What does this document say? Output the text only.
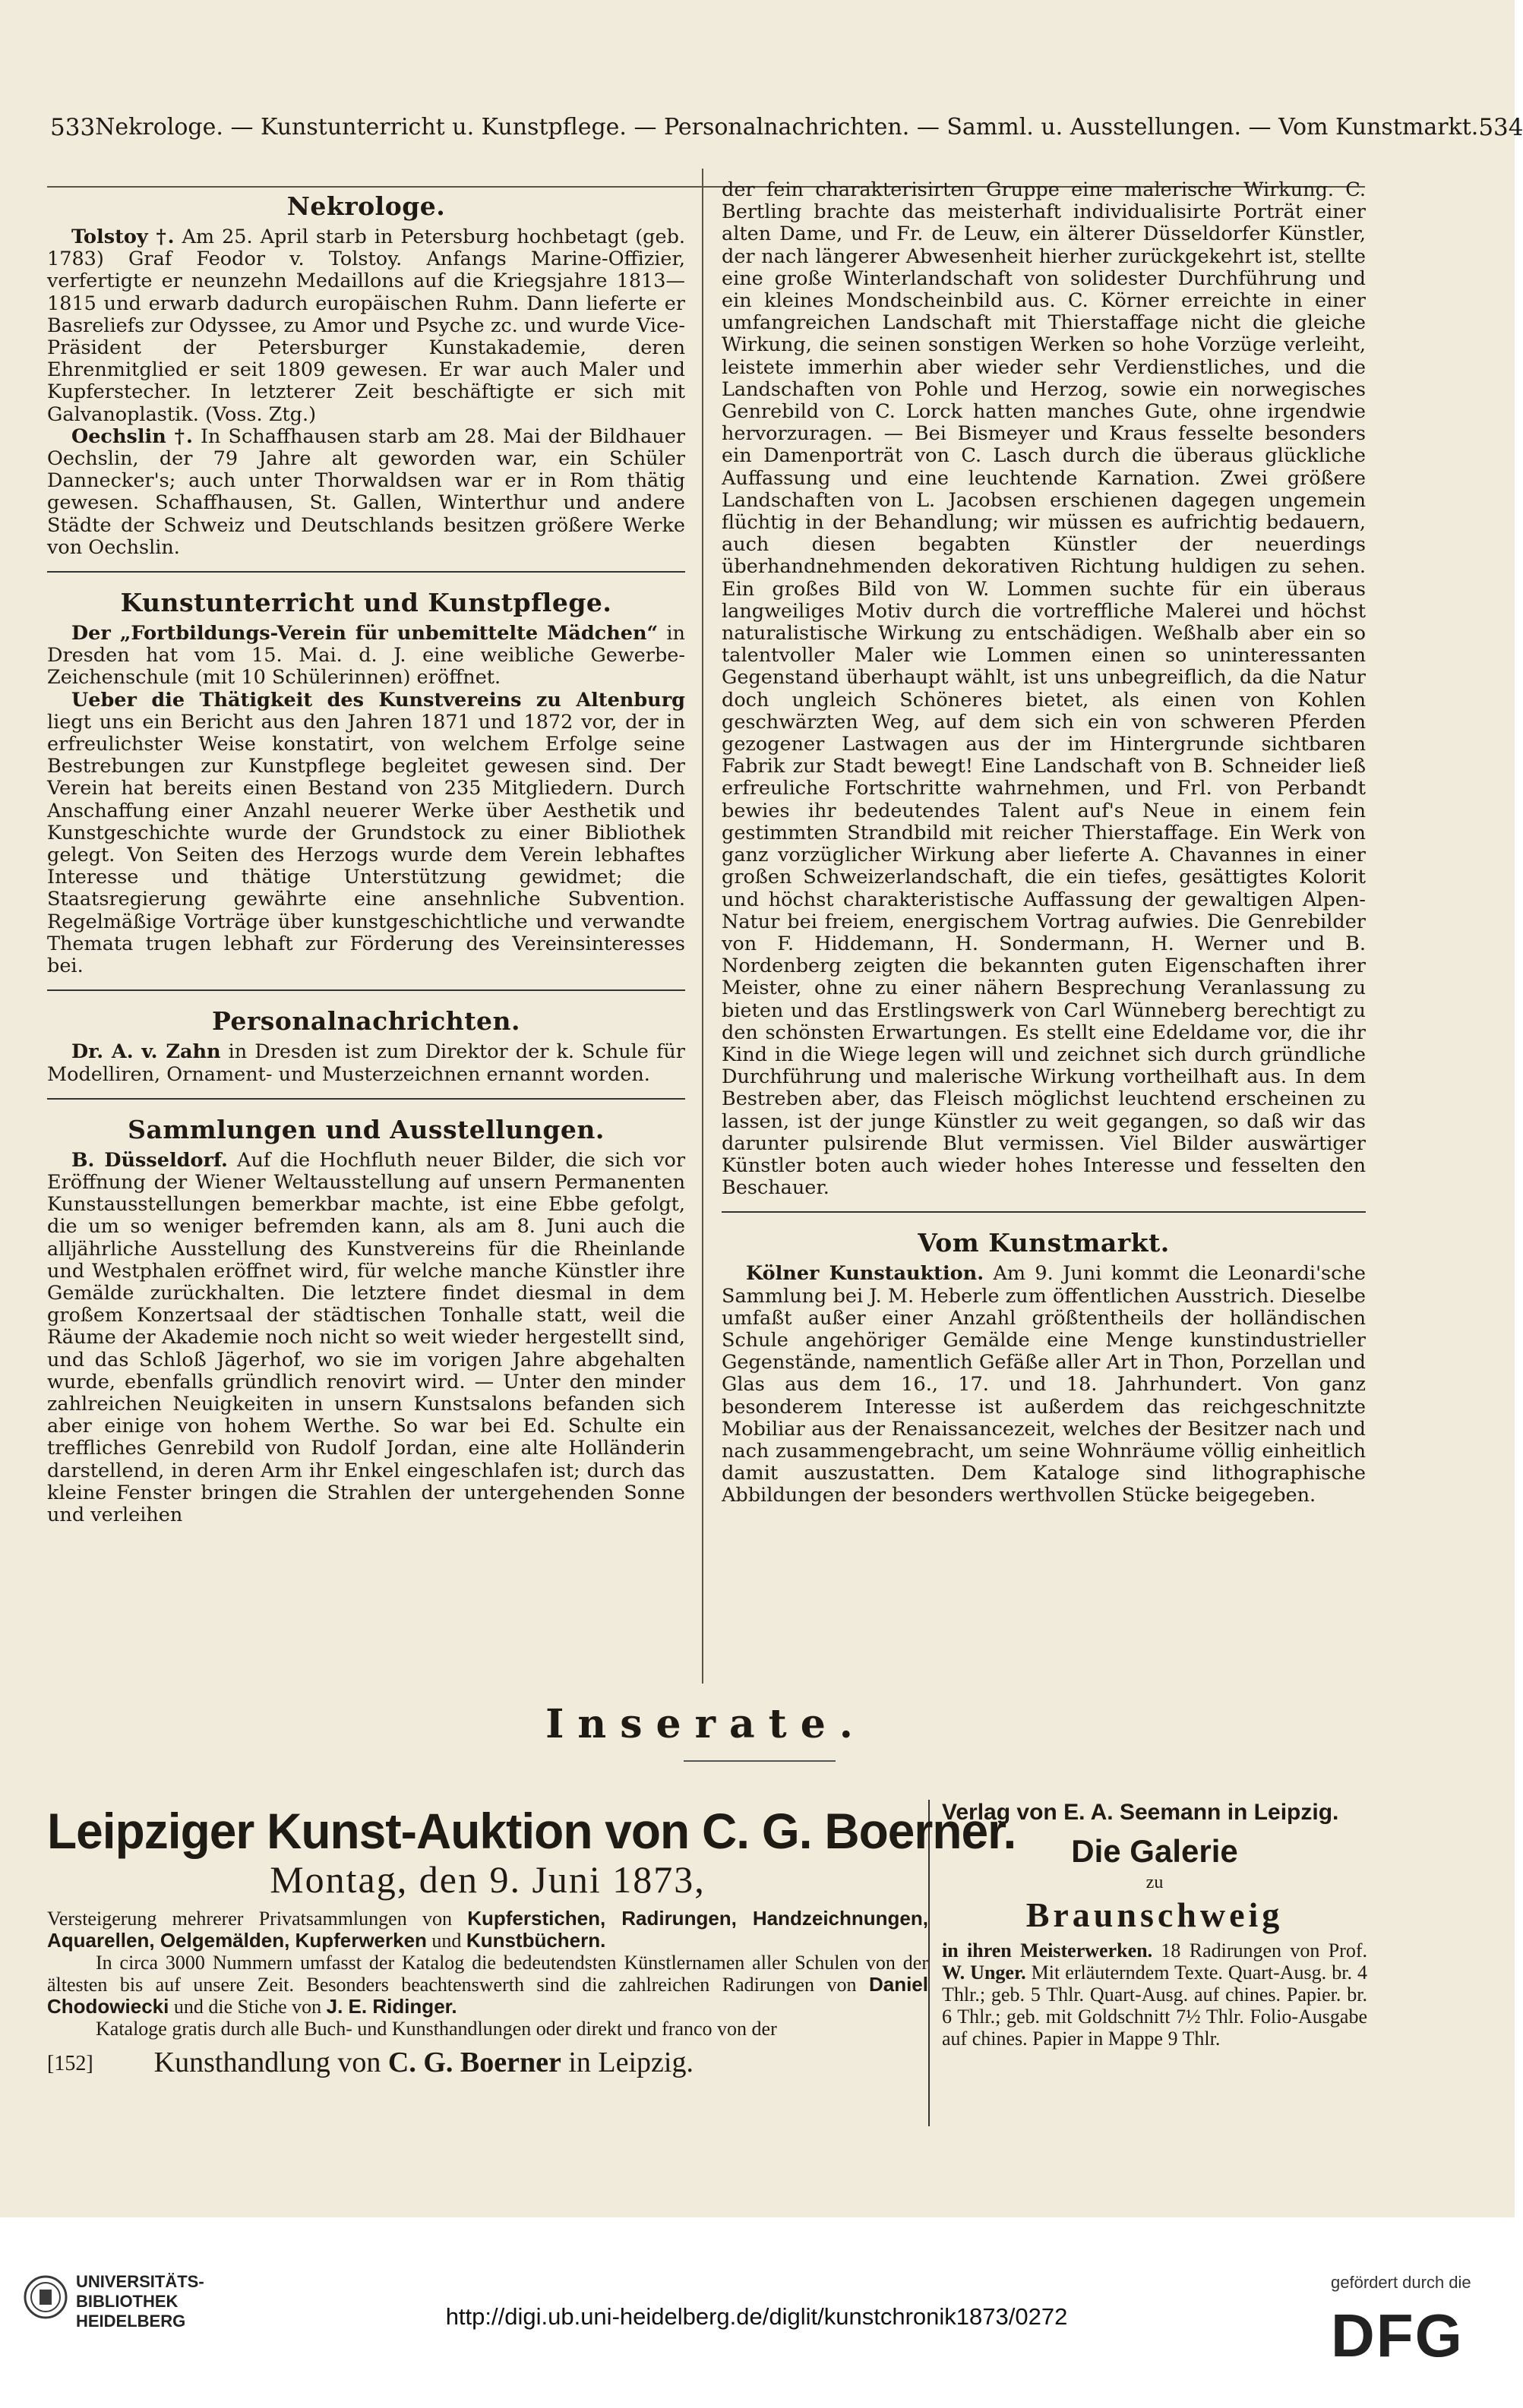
533 Nekrologe. — Kunstunterricht u. Kunstpflege. — Personalnachrichten. — Samml. u. Ausstellungen. — Vom Kunstmarkt. 534
Nekrologe.

Tolstoy †. Am 25. April starb in Petersburg hochbetagt (geb. 1783) Graf Feodor v. Tolstoy. Anfangs Marine-Offizier, verfertigte er neunzehn Medaillons auf die Kriegsjahre 1813—1815 und erwarb dadurch europäischen Ruhm. Dann lieferte er Basreliefs zur Odyssee, zu Amor und Psyche zc. und wurde Vice-Präsident der Petersburger Kunstakademie, deren Ehrenmitglied er seit 1809 gewesen. Er war auch Maler und Kupferstecher. In letzterer Zeit beschäftigte er sich mit Galvanoplastik. (Voss. Ztg.)

Oechslin †. In Schaffhausen starb am 28. Mai der Bildhauer Oechslin, der 79 Jahre alt geworden war, ein Schüler Dannecker's; auch unter Thorwaldsen war er in Rom thätig gewesen. Schaffhausen, St. Gallen, Winterthur und andere Städte der Schweiz und Deutschlands besitzen größere Werke von Oechslin.

Kunstunterricht und Kunstpflege.

Der „Fortbildungs-Verein für unbemittelte Mädchen“ in Dresden hat vom 15. Mai. d. J. eine weibliche Gewerbe-Zeichenschule (mit 10 Schülerinnen) eröffnet.

Ueber die Thätigkeit des Kunstvereins zu Altenburg liegt uns ein Bericht aus den Jahren 1871 und 1872 vor, der in erfreulichster Weise konstatirt, von welchem Erfolge seine Bestrebungen zur Kunstpflege begleitet gewesen sind. Der Verein hat bereits einen Bestand von 235 Mitgliedern. Durch Anschaffung einer Anzahl neuerer Werke über Aesthetik und Kunstgeschichte wurde der Grundstock zu einer Bibliothek gelegt. Von Seiten des Herzogs wurde dem Verein lebhaftes Interesse und thätige Unterstützung gewidmet; die Staatsregierung gewährte eine ansehnliche Subvention. Regelmäßige Vorträge über kunstgeschichtliche und verwandte Themata trugen lebhaft zur Förderung des Vereinsinteresses bei.

Personalnachrichten.

Dr. A. v. Zahn in Dresden ist zum Direktor der k. Schule für Modelliren, Ornament- und Musterzeichnen ernannt worden.

Sammlungen und Ausstellungen.

B. Düsseldorf. Auf die Hochfluth neuer Bilder, die sich vor Eröffnung der Wiener Weltausstellung auf unsern Permanenten Kunstausstellungen bemerkbar machte, ist eine Ebbe gefolgt, die um so weniger befremden kann, als am 8. Juni auch die alljährliche Ausstellung des Kunstvereins für die Rheinlande und Westphalen eröffnet wird, für welche manche Künstler ihre Gemälde zurückhalten. Die letztere findet diesmal in dem großem Konzertsaal der städtischen Tonhalle statt, weil die Räume der Akademie noch nicht so weit wieder hergestellt sind, und das Schloß Jägerhof, wo sie im vorigen Jahre abgehalten wurde, ebenfalls gründlich renovirt wird. — Unter den minder zahlreichen Neuigkeiten in unsern Kunstsalons befanden sich aber einige von hohem Werthe. So war bei Ed. Schulte ein treffliches Genrebild von Rudolf Jordan, eine alte Holländerin darstellend, in deren Arm ihr Enkel eingeschlafen ist; durch das kleine Fenster bringen die Strahlen der untergehenden Sonne und verleihen

der fein charakterisirten Gruppe eine malerische Wirkung. C. Bertling brachte das meisterhaft individualisirte Porträt einer alten Dame, und Fr. de Leuw, ein älterer Düsseldorfer Künstler, der nach längerer Abwesenheit hierher zurückgekehrt ist, stellte eine große Winterlandschaft von solidester Durchführung und ein kleines Mondscheinbild aus. C. Körner erreichte in einer umfangreichen Landschaft mit Thierstaffage nicht die gleiche Wirkung, die seinen sonstigen Werken so hohe Vorzüge verleiht, leistete immerhin aber wieder sehr Verdienstliches, und die Landschaften von Pohle und Herzog, sowie ein norwegisches Genrebild von C. Lorck hatten manches Gute, ohne irgendwie hervorzuragen. — Bei Bismeyer und Kraus fesselte besonders ein Damenporträt von C. Lasch durch die überaus glückliche Auffassung und eine leuchtende Karnation. Zwei größere Landschaften von L. Jacobsen erschienen dagegen ungemein flüchtig in der Behandlung; wir müssen es aufrichtig bedauern, auch diesen begabten Künstler der neuerdings überhandnehmenden dekorativen Richtung huldigen zu sehen. Ein großes Bild von W. Lommen suchte für ein überaus langweiliges Motiv durch die vortreffliche Malerei und höchst naturalistische Wirkung zu entschädigen. Weßhalb aber ein so talentvoller Maler wie Lommen einen so uninteressanten Gegenstand überhaupt wählt, ist uns unbegreiflich, da die Natur doch ungleich Schöneres bietet, als einen von Kohlen geschwärzten Weg, auf dem sich ein von schweren Pferden gezogener Lastwagen aus der im Hintergrunde sichtbaren Fabrik zur Stadt bewegt! Eine Landschaft von B. Schneider ließ erfreuliche Fortschritte wahrnehmen, und Frl. von Perbandt bewies ihr bedeutendes Talent auf's Neue in einem fein gestimmten Strandbild mit reicher Thierstaffage. Ein Werk von ganz vorzüglicher Wirkung aber lieferte A. Chavannes in einer großen Schweizerlandschaft, die ein tiefes, gesättigtes Kolorit und höchst charakteristische Auffassung der gewaltigen Alpen-Natur bei freiem, energischem Vortrag aufwies. Die Genrebilder von F. Hiddemann, H. Sondermann, H. Werner und B. Nordenberg zeigten die bekannten guten Eigenschaften ihrer Meister, ohne zu einer nähern Besprechung Veranlassung zu bieten und das Erstlingswerk von Carl Wünneberg berechtigt zu den schönsten Erwartungen. Es stellt eine Edeldame vor, die ihr Kind in die Wiege legen will und zeichnet sich durch gründliche Durchführung und malerische Wirkung vortheilhaft aus. In dem Bestreben aber, das Fleisch möglichst leuchtend erscheinen zu lassen, ist der junge Künstler zu weit gegangen, so daß wir das darunter pulsirende Blut vermissen. Viel Bilder auswärtiger Künstler boten auch wieder hohes Interesse und fesselten den Beschauer.

Vom Kunstmarkt.

Kölner Kunstauktion. Am 9. Juni kommt die Leonardi'sche Sammlung bei J. M. Heberle zum öffentlichen Ausstrich. Dieselbe umfaßt außer einer Anzahl größtentheils der holländischen Schule angehöriger Gemälde eine Menge kunstindustrieller Gegenstände, namentlich Gefäße aller Art in Thon, Porzellan und Glas aus dem 16., 17. und 18. Jahrhundert. Von ganz besonderem Interesse ist außerdem das reichgeschnitzte Mobiliar aus der Renaissancezeit, welches der Besitzer nach und nach zusammengebracht, um seine Wohnräume völlig einheitlich damit auszustatten. Dem Kataloge sind lithographische Abbildungen der besonders werthvollen Stücke beigegeben.

Inserate.
Leipziger Kunst-Auktion von C. G. Boerner.
Montag, den 9. Juni 1873,
Versteigerung mehrerer Privatsammlungen von Kupferstichen, Radirungen, Handzeichnungen, Aquarellen, Oelgemälden, Kupferwerken und Kunstbüchern.
In circa 3000 Nummern umfasst der Katalog die bedeutendsten Künstlernamen aller Schulen von der ältesten bis auf unsere Zeit. Besonders beachtenswerth sind die zahlreichen Radirungen von Daniel Chodowiecki und die Stiche von J. E. Ridinger.
Kataloge gratis durch alle Buch- und Kunsthandlungen oder direkt und franco von der
[152] Kunsthandlung von C. G. Boerner in Leipzig.
Verlag von E. A. Seemann in Leipzig.
Die Galerie
zu
Braunschweig
in ihren Meisterwerken. 18 Radirungen von Prof. W. Unger. Mit erläuterndem Texte. Quart-Ausg. br. 4 Thlr.; geb. 5 Thlr. Quart-Ausg. auf chines. Papier. br. 6 Thlr.; geb. mit Goldschnitt 7½ Thlr. Folio-Ausgabe auf chines. Papier in Mappe 9 Thlr.
UNIVERSITÄTS-
BIBLIOTHEK
HEIDELBERG	http://digi.ub.uni-heidelberg.de/diglit/kunstchronik1873/0272
gefördert durch die
DFG
